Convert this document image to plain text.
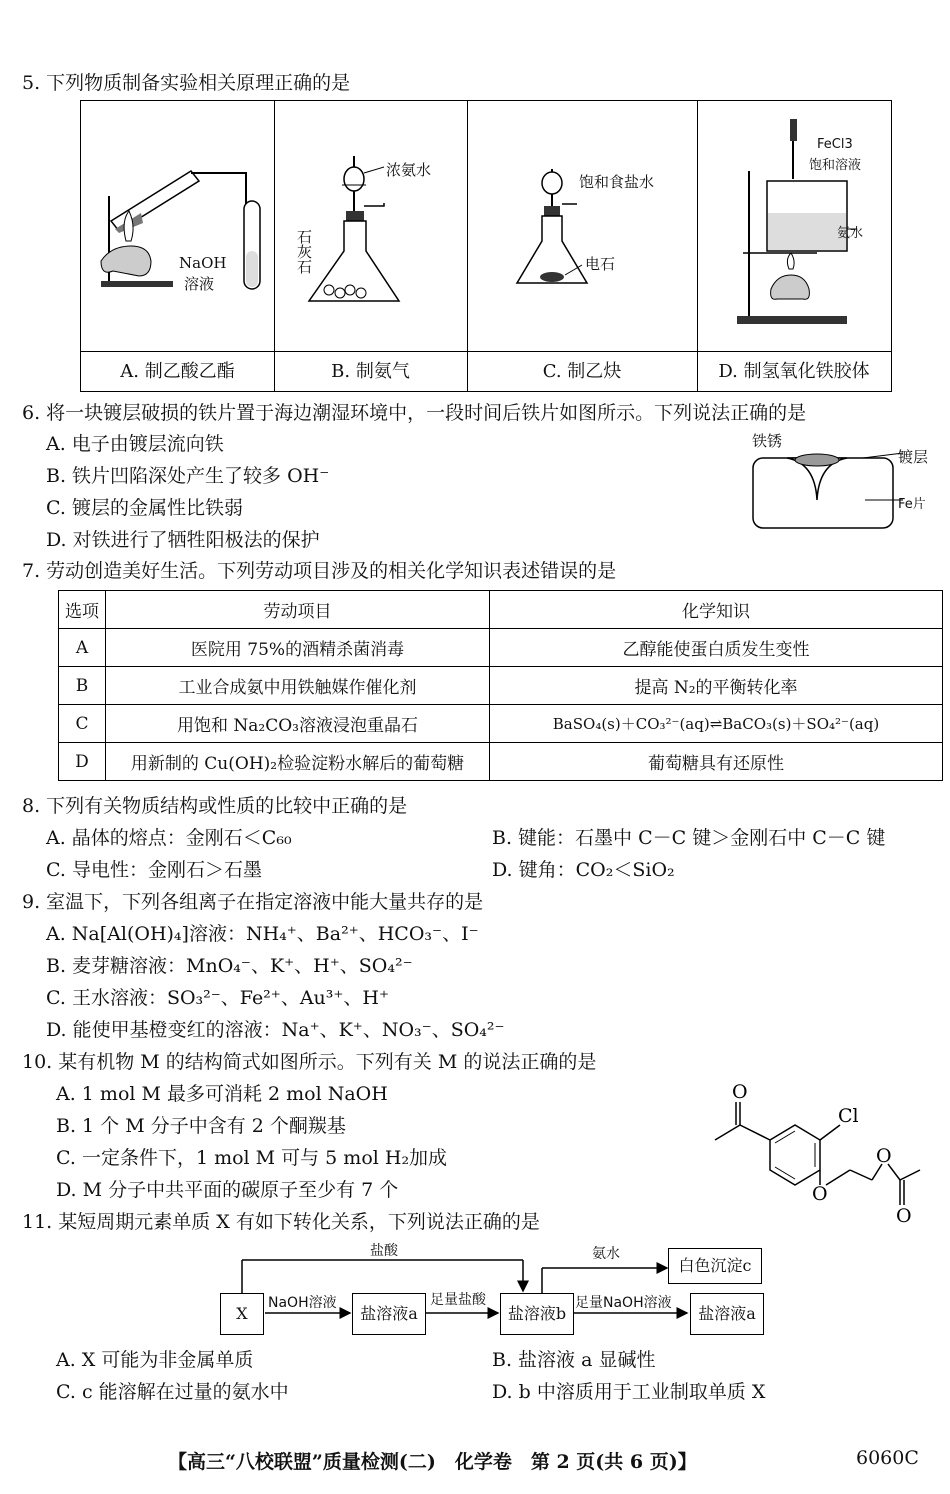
5. 下列物质制备实验相关原理正确的是
NaOH
溶液
A. 制乙酸乙酯
浓氨水
石灰石
B. 制氨气
饱和食盐水
电石
C. 制乙炔
FeCl3
饱和溶液
氨水
D. 制氢氧化铁胶体
6. 将一块镀层破损的铁片置于海边潮湿环境中，一段时间后铁片如图所示。下列说法正确的是
A. 电子由镀层流向铁
B. 铁片凹陷深处产生了较多 OH⁻
C. 镀层的金属性比铁弱
D. 对铁进行了牺牲阳极法的保护
铁锈
镀层
Fe片
7. 劳动创造美好生活。下列劳动项目涉及的相关化学知识表述错误的是
选项	劳动项目	化学知识
A	医院用 75%的酒精杀菌消毒	乙醇能使蛋白质发生变性
B	工业合成氨中用铁触媒作催化剂	提高 N₂的平衡转化率
C	用饱和 Na₂CO₃溶液浸泡重晶石	BaSO₄(s)＋CO₃²⁻(aq)⇌BaCO₃(s)＋SO₄²⁻(aq)
D	用新制的 Cu(OH)₂检验淀粉水解后的葡萄糖	葡萄糖具有还原性
8. 下列有关物质结构或性质的比较中正确的是
A. 晶体的熔点：金刚石＜C₆₀	B. 键能：石墨中 C－C 键＞金刚石中 C－C 键
C. 导电性：金刚石＞石墨	D. 键角：CO₂＜SiO₂
9. 室温下，下列各组离子在指定溶液中能大量共存的是
A. Na[Al(OH)₄]溶液：NH₄⁺、Ba²⁺、HCO₃⁻、I⁻
B. 麦芽糖溶液：MnO₄⁻、K⁺、H⁺、SO₄²⁻
C. 王水溶液：SO₃²⁻、Fe²⁺、Au³⁺、H⁺
D. 能使甲基橙变红的溶液：Na⁺、K⁺、NO₃⁻、SO₄²⁻
10. 某有机物 M 的结构简式如图所示。下列有关 M 的说法正确的是
A. 1 mol M 最多可消耗 2 mol NaOH
B. 1 个 M 分子中含有 2 个酮羰基
C. 一定条件下，1 mol M 可与 5 mol H₂加成
D. M 分子中共平面的碳原子至少有 7 个
O
Cl
O
O
O
11. 某短周期元素单质 X 有如下转化关系，下列说法正确的是
X	盐溶液a	盐溶液b	盐溶液a
白色沉淀c
盐酸
NaOH溶液	足量盐酸
氨水
足量NaOH溶液
A. X 可能为非金属单质	B. 盐溶液 a 显碱性
C. c 能溶解在过量的氨水中	D. b 中溶质用于工业制取单质 X
【高三“八校联盟”质量检测(二)　化学卷　第 2 页(共 6 页)】	6060C
